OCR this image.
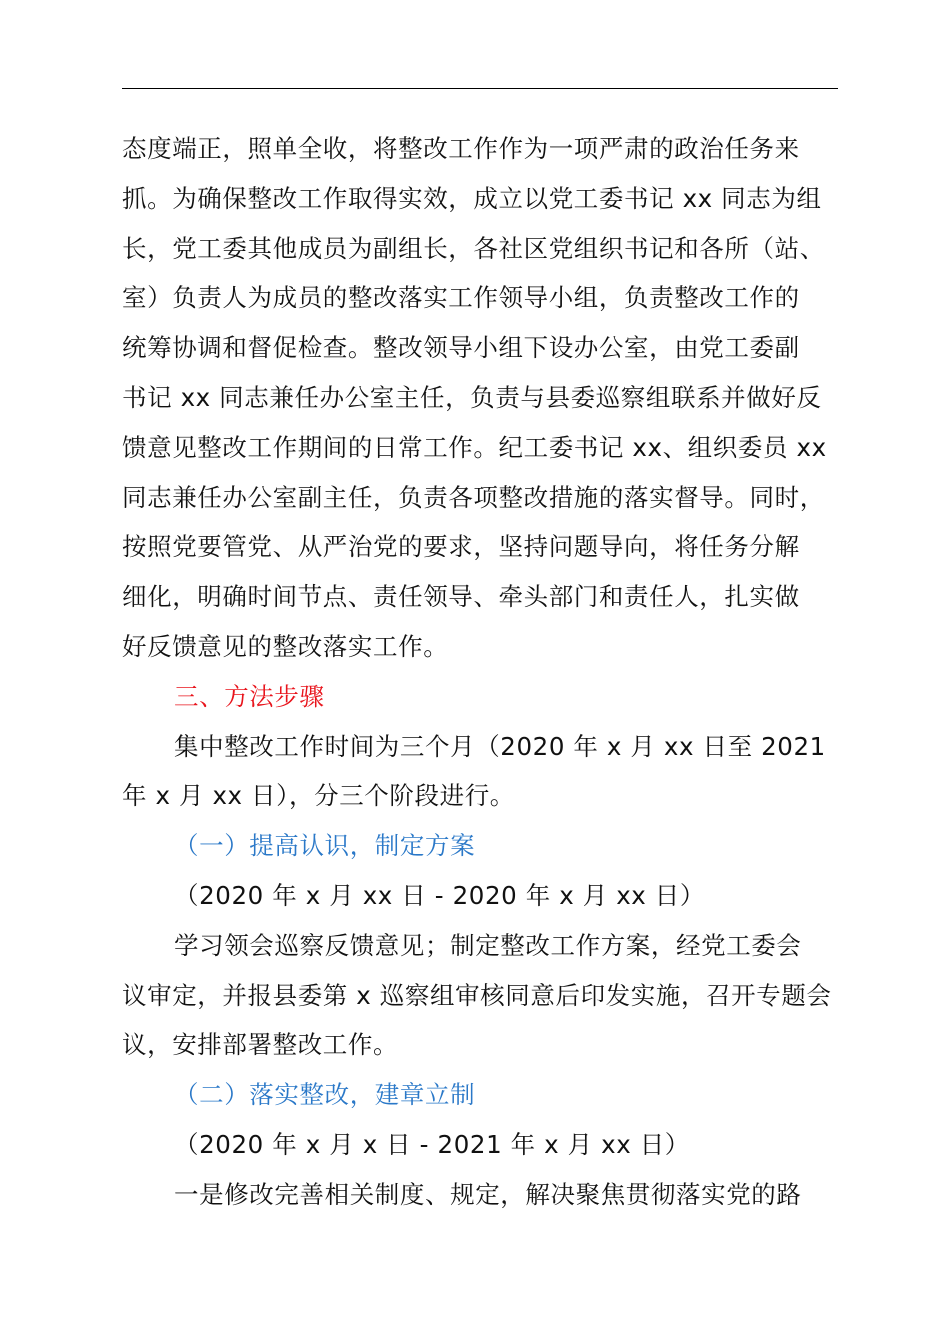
态度端正，照单全收，将整改工作作为一项严肃的政治任务来
抓。为确保整改工作取得实效，成立以党工委书记 xx 同志为组
长，党工委其他成员为副组长，各社区党组织书记和各所（站、
室）负责人为成员的整改落实工作领导小组，负责整改工作的
统筹协调和督促检查。整改领导小组下设办公室，由党工委副
书记 xx 同志兼任办公室主任，负责与县委巡察组联系并做好反
馈意见整改工作期间的日常工作。纪工委书记 xx、组织委员 xx
同志兼任办公室副主任，负责各项整改措施的落实督导。同时，
按照党要管党、从严治党的要求，坚持问题导向，将任务分解
细化，明确时间节点、责任领导、牵头部门和责任人，扎实做
好反馈意见的整改落实工作。
三、方法步骤
集中整改工作时间为三个月（2020 年 x 月 xx 日至 2021
年 x 月 xx 日），分三个阶段进行。
（一）提高认识，制定方案
（2020 年 x 月 xx 日 - 2020 年 x 月 xx 日）
学习领会巡察反馈意见；制定整改工作方案，经党工委会
议审定，并报县委第 x 巡察组审核同意后印发实施，召开专题会
议，安排部署整改工作。
（二）落实整改，建章立制
（2020 年 x 月 x 日 - 2021 年 x 月 xx 日）
一是修改完善相关制度、规定，解决聚焦贯彻落实党的路
